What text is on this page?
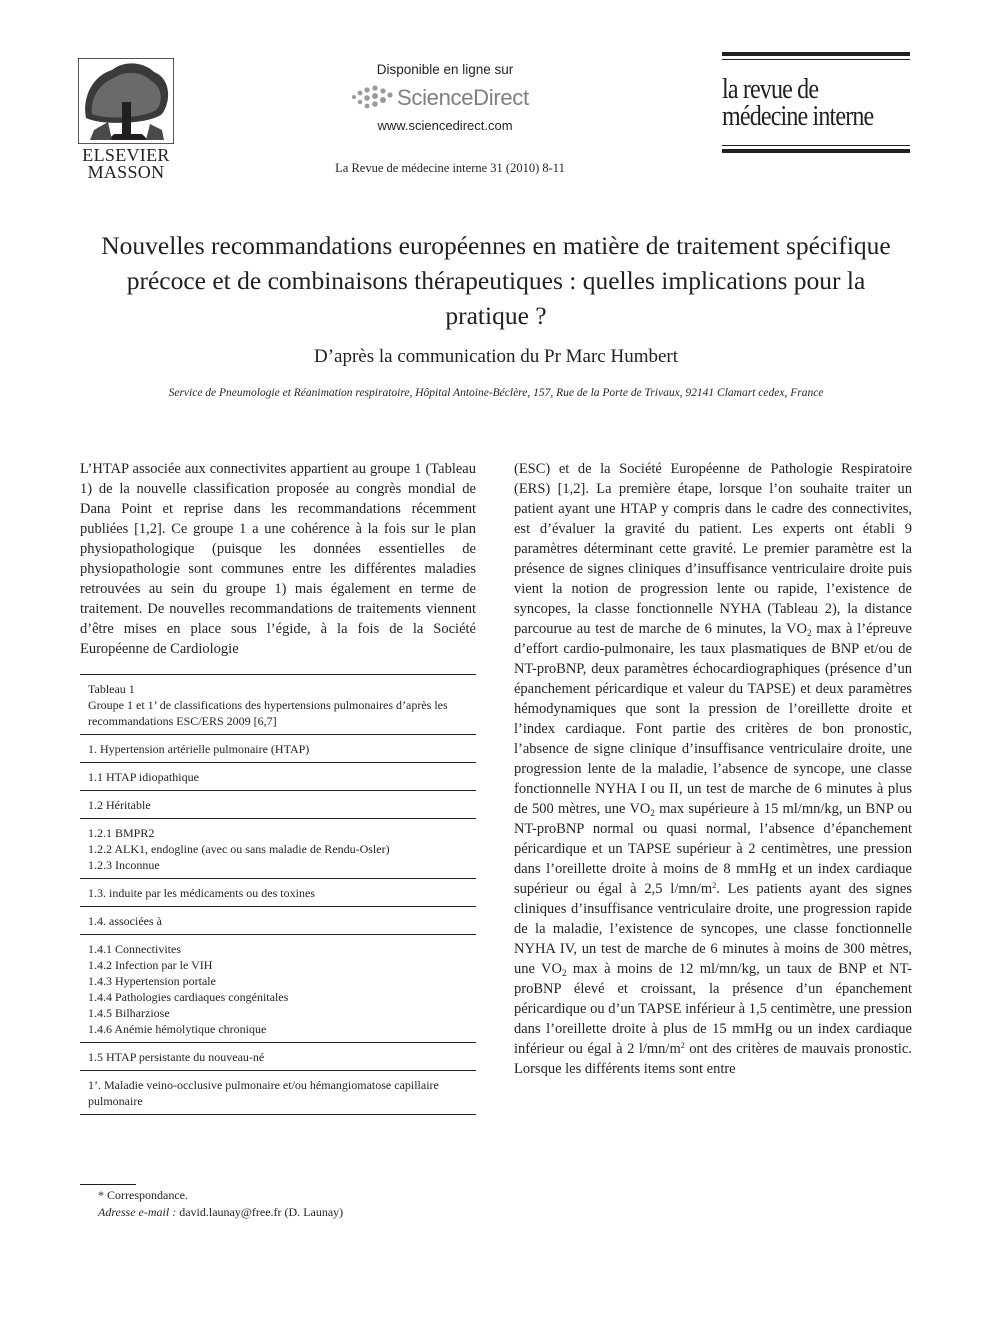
ELSEVIER
MASSON
Disponible en ligne sur
ScienceDirect
www.sciencedirect.com
La Revue de médecine interne 31 (2010) 8-11
la revue de
médecine interne
Nouvelles recommandations européennes en matière de traitement spécifique précoce et de combinaisons thérapeutiques : quelles implications pour la pratique ?
D’après la communication du Pr Marc Humbert
Service de Pneumologie et Réanimation respiratoire, Hôpital Antoine-Béclère, 157, Rue de la Porte de Trivaux, 92141 Clamart cedex, France
L’HTAP associée aux connectivites appartient au groupe 1 (Tableau 1) de la nouvelle classification proposée au congrès mondial de Dana Point et reprise dans les recommandations récemment publiées [1,2]. Ce groupe 1 a une cohérence à la fois sur le plan physiopathologique (puisque les données essentielles de physiopathologie sont communes entre les différentes maladies retrouvées au sein du groupe 1) mais également en terme de traitement. De nouvelles recommandations de traitements viennent d’être mises en place sous l’égide, à la fois de la Société Européenne de Cardiologie
Tableau 1
Groupe 1 et 1’ de classifications des hypertensions pulmonaires d’après les recommandations ESC/ERS 2009 [6,7]
1. Hypertension artérielle pulmonaire (HTAP)
1.1 HTAP idiopathique
1.2 Héritable
1.2.1 BMPR2
1.2.2 ALK1, endogline (avec ou sans maladie de Rendu-Osler)
1.2.3 Inconnue
1.3. induite par les médicaments ou des toxines
1.4. associées à
1.4.1 Connectivites
1.4.2 Infection par le VIH
1.4.3 Hypertension portale
1.4.4 Pathologies cardiaques congénitales
1.4.5 Bilharziose
1.4.6 Anémie hémolytique chronique
1.5 HTAP persistante du nouveau-né
1’. Maladie veino-occlusive pulmonaire et/ou hémangiomatose capillaire pulmonaire
(ESC) et de la Société Européenne de Pathologie Respiratoire (ERS) [1,2]. La première étape, lorsque l’on souhaite traiter un patient ayant une HTAP y compris dans le cadre des connectivites, est d’évaluer la gravité du patient. Les experts ont établi 9 paramètres déterminant cette gravité. Le premier paramètre est la présence de signes cliniques d’insuffisance ventriculaire droite puis vient la notion de progression lente ou rapide, l’existence de syncopes, la classe fonctionnelle NYHA (Tableau 2), la distance parcourue au test de marche de 6 minutes, la $VO_2$ max à l’épreuve d’effort cardio-pulmonaire, les taux plasmatiques de BNP et/ou de NT-proBNP, deux paramètres échocardiographiques (présence d’un épanchement péricardique et valeur du TAPSE) et deux paramètres hémodynamiques que sont la pression de l’oreillette droite et l’index cardiaque. Font partie des critères de bon pronostic, l’absence de signe clinique d’insuffisance ventriculaire droite, une progression lente de la maladie, l’absence de syncope, une classe fonctionnelle NYHA I ou II, un test de marche de 6 minutes à plus de 500 mètres, une $VO_2$ max supérieure à 15 ml/mn/kg, un BNP ou NT-proBNP normal ou quasi normal, l’absence d’épanchement péricardique et un TAPSE supérieur à 2 centimètres, une pression dans l’oreillette droite à moins de 8 mmHg et un index cardiaque supérieur ou égal à 2,5 $l/mn/m^2$. Les patients ayant des signes cliniques d’insuffisance ventriculaire droite, une progression rapide de la maladie, l’existence de syncopes, une classe fonctionnelle NYHA IV, un test de marche de 6 minutes à moins de 300 mètres, une $VO_2$ max à moins de 12 ml/mn/kg, un taux de BNP et NT-proBNP élevé et croissant, la présence d’un épanchement péricardique ou d’un TAPSE inférieur à 1,5 centimètre, une pression dans l’oreillette droite à plus de 15 mmHg ou un index cardiaque inférieur ou égal à 2 $l/mn/m^2$ ont des critères de mauvais pronostic. Lorsque les différents items sont entre
* Correspondance.
Adresse e-mail : david.launay@free.fr (D. Launay)
